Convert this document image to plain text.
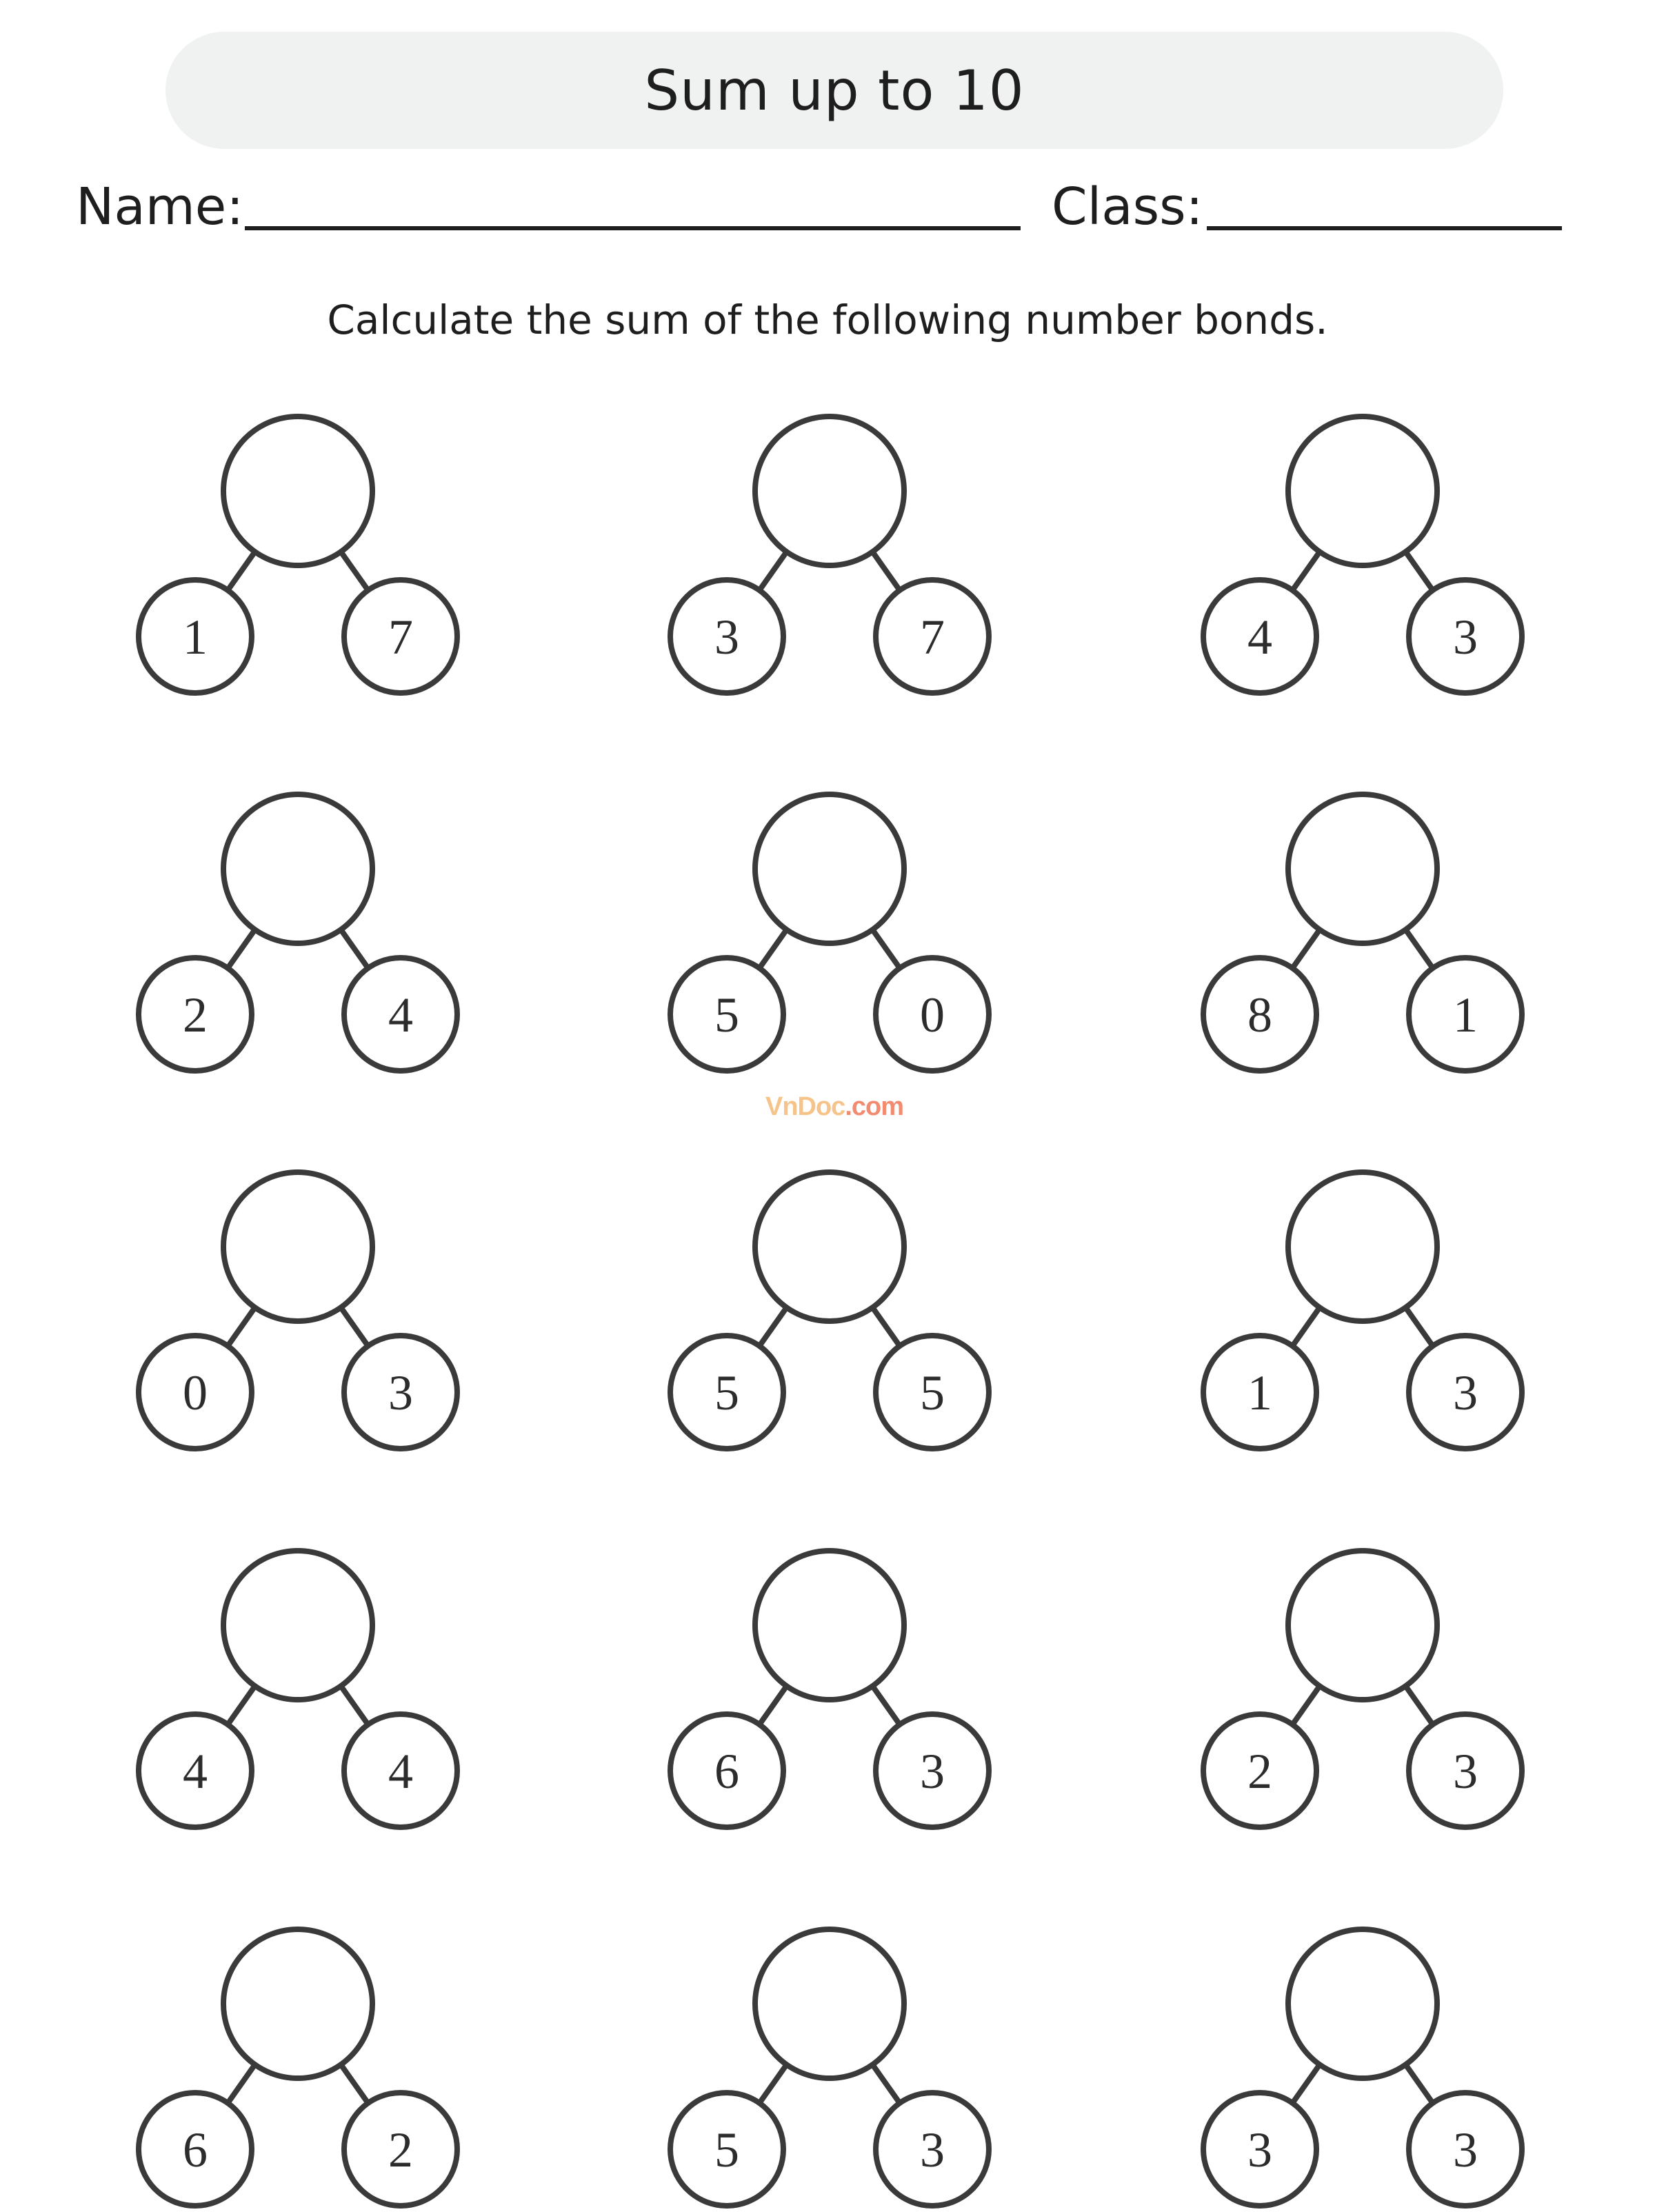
Sum up to 10
Name:	Class:
Calculate the sum of the following number bonds.
VnDoc.com
1	7	3	7	4	3
2	4	5	0	8	1
0	3	5	5	1	3
4	4	6	3	2	3
6	2	5	3	3	3
